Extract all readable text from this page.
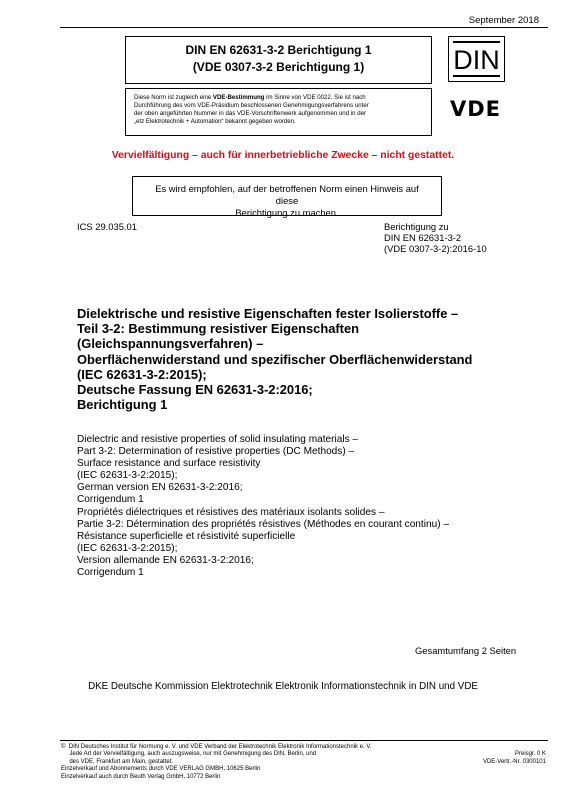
September 2018
DIN EN 62631-3-2 Berichtigung 1
(VDE 0307-3-2 Berichtigung 1)	DIN
Diese Norm ist zugleich eine VDE-Bestimmung im Sinne von VDE 0022. Sie ist nach
Durchführung des vom VDE-Präsidium beschlossenen Genehmigungsverfahrens unter
der oben angeführten Nummer in das VDE-Vorschriftenwerk aufgenommen und in der
„etz Elektrotechnik + Automation“ bekannt gegeben worden.
VDE
Vervielfältigung – auch für innerbetriebliche Zwecke – nicht gestattet.
Es wird empfohlen, auf der betroffenen Norm einen Hinweis auf diese
Berichtigung zu machen.
ICS 29.035.01	Berichtigung zu
DIN EN 62631-3-2
(VDE 0307-3-2):2016-10
Dielektrische und resistive Eigenschaften fester Isolierstoffe –
Teil 3-2: Bestimmung resistiver Eigenschaften
(Gleichspannungsverfahren) –
Oberflächenwiderstand und spezifischer Oberflächenwiderstand
(IEC 62631-3-2:2015);
Deutsche Fassung EN 62631-3-2:2016;
Berichtigung 1
Dielectric and resistive properties of solid insulating materials –
Part 3-2: Determination of resistive properties (DC Methods) –
Surface resistance and surface resistivity
(IEC 62631-3-2:2015);
German version EN 62631-3-2:2016;
Corrigendum 1
Propriétés diélectriques et résistives des matériaux isolants solides –
Partie 3-2: Détermination des propriétés résistives (Méthodes en courant continu) –
Résistance superficielle et résistivité superficielle
(IEC 62631-3-2:2015);
Version allemande EN 62631-3-2:2016;
Corrigendum 1
Gesamtumfang 2 Seiten
DKE Deutsche Kommission Elektrotechnik Elektronik Informationstechnik in DIN und VDE
©  DIN Deutsches Institut für Normung e. V. und VDE Verband der Elektrotechnik Elektronik Informationstechnik e. V.
Jede Art der Vervielfältigung, auch auszugsweise, nur mit Genehmigung des DIN, Berlin, und
des VDE, Frankfurt am Main, gestattet.
Einzelverkauf und Abonnements durch VDE VERLAG GMBH, 10625 Berlin
Einzelverkauf auch durch Beuth Verlag GmbH, 10772 Berlin
Preisgr. 0 K
VDE-Vertr.-Nr. 0300101
